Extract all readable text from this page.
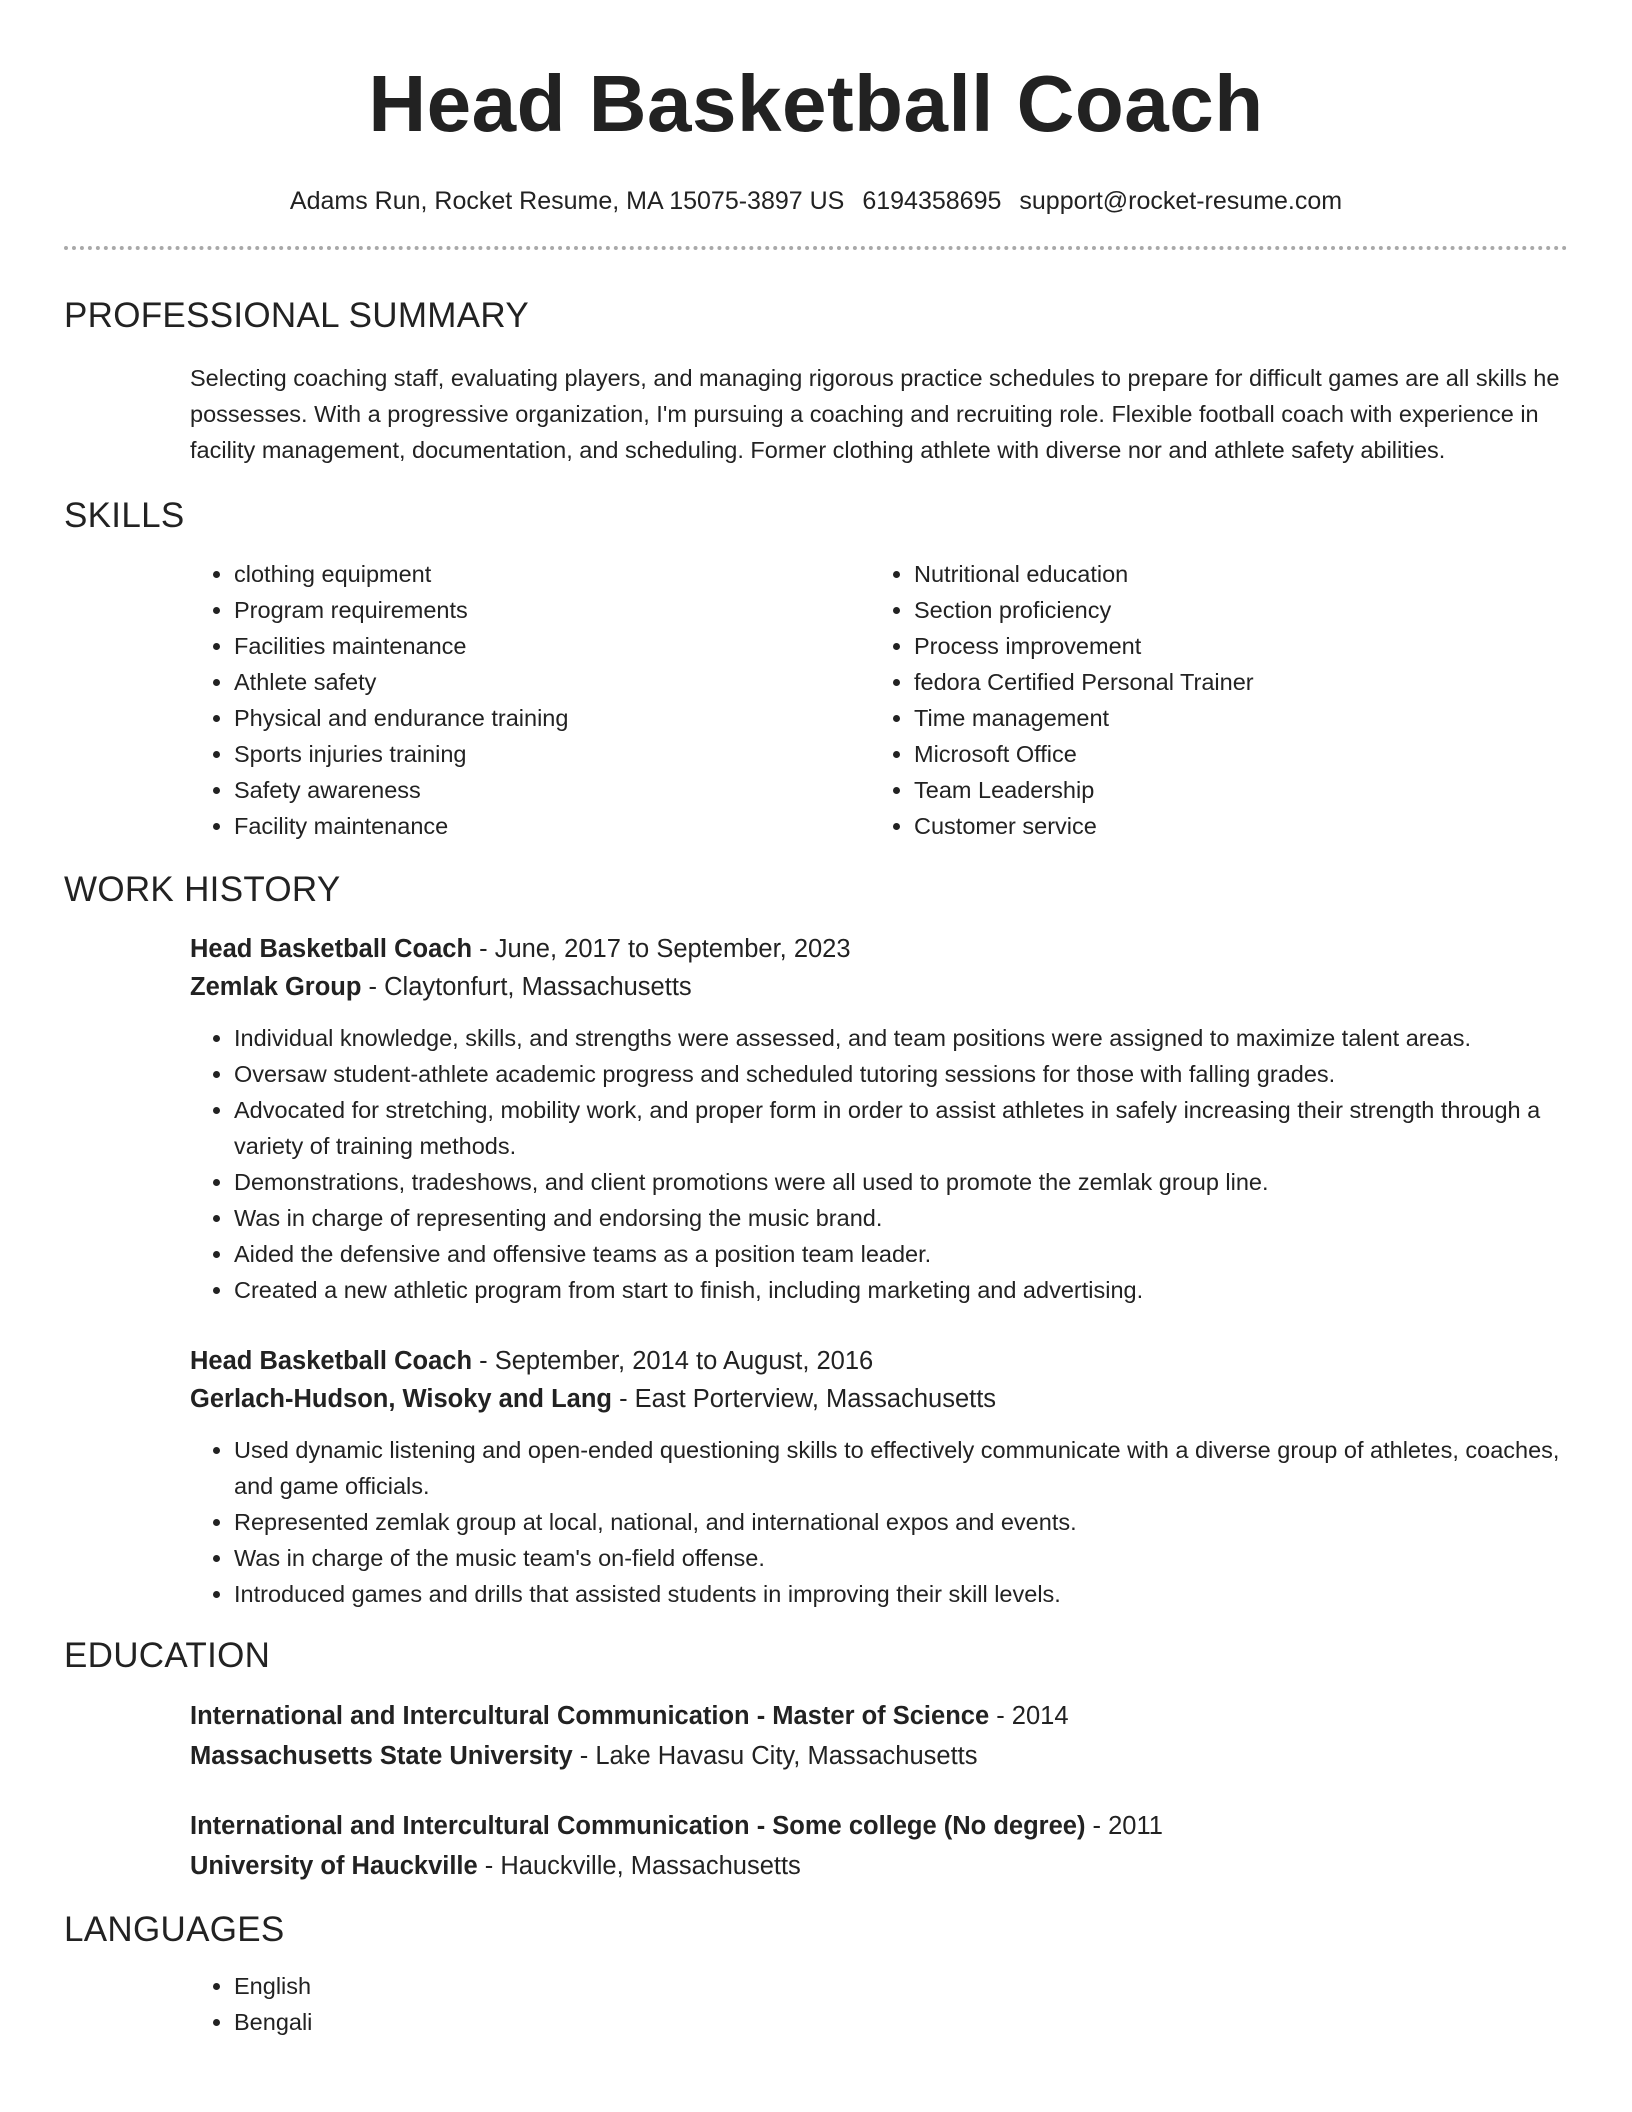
Head Basketball Coach
Adams Run, Rocket Resume, MA 15075-3897 US 6194358695 support@rocket-resume.com
PROFESSIONAL SUMMARY
Selecting coaching staff, evaluating players, and managing rigorous practice schedules to prepare for difficult games are all skills he possesses. With a progressive organization, I'm pursuing a coaching and recruiting role. Flexible football coach with experience in facility management, documentation, and scheduling. Former clothing athlete with diverse nor and athlete safety abilities.
SKILLS
• clothing equipment
• Program requirements
• Facilities maintenance
• Athlete safety
• Physical and endurance training
• Sports injuries training
• Safety awareness
• Facility maintenance
• Nutritional education
• Section proficiency
• Process improvement
• fedora Certified Personal Trainer
• Time management
• Microsoft Office
• Team Leadership
• Customer service
WORK HISTORY
Head Basketball Coach - June, 2017 to September, 2023
Zemlak Group - Claytonfurt, Massachusetts
• Individual knowledge, skills, and strengths were assessed, and team positions were assigned to maximize talent areas.
• Oversaw student-athlete academic progress and scheduled tutoring sessions for those with falling grades.
• Advocated for stretching, mobility work, and proper form in order to assist athletes in safely increasing their strength through a variety of training methods.
• Demonstrations, tradeshows, and client promotions were all used to promote the zemlak group line.
• Was in charge of representing and endorsing the music brand.
• Aided the defensive and offensive teams as a position team leader.
• Created a new athletic program from start to finish, including marketing and advertising.
Head Basketball Coach - September, 2014 to August, 2016
Gerlach-Hudson, Wisoky and Lang - East Porterview, Massachusetts
• Used dynamic listening and open-ended questioning skills to effectively communicate with a diverse group of athletes, coaches, and game officials.
• Represented zemlak group at local, national, and international expos and events.
• Was in charge of the music team's on-field offense.
• Introduced games and drills that assisted students in improving their skill levels.
EDUCATION
International and Intercultural Communication - Master of Science - 2014
Massachusetts State University - Lake Havasu City, Massachusetts
International and Intercultural Communication - Some college (No degree) - 2011
University of Hauckville - Hauckville, Massachusetts
LANGUAGES
• English
• Bengali
